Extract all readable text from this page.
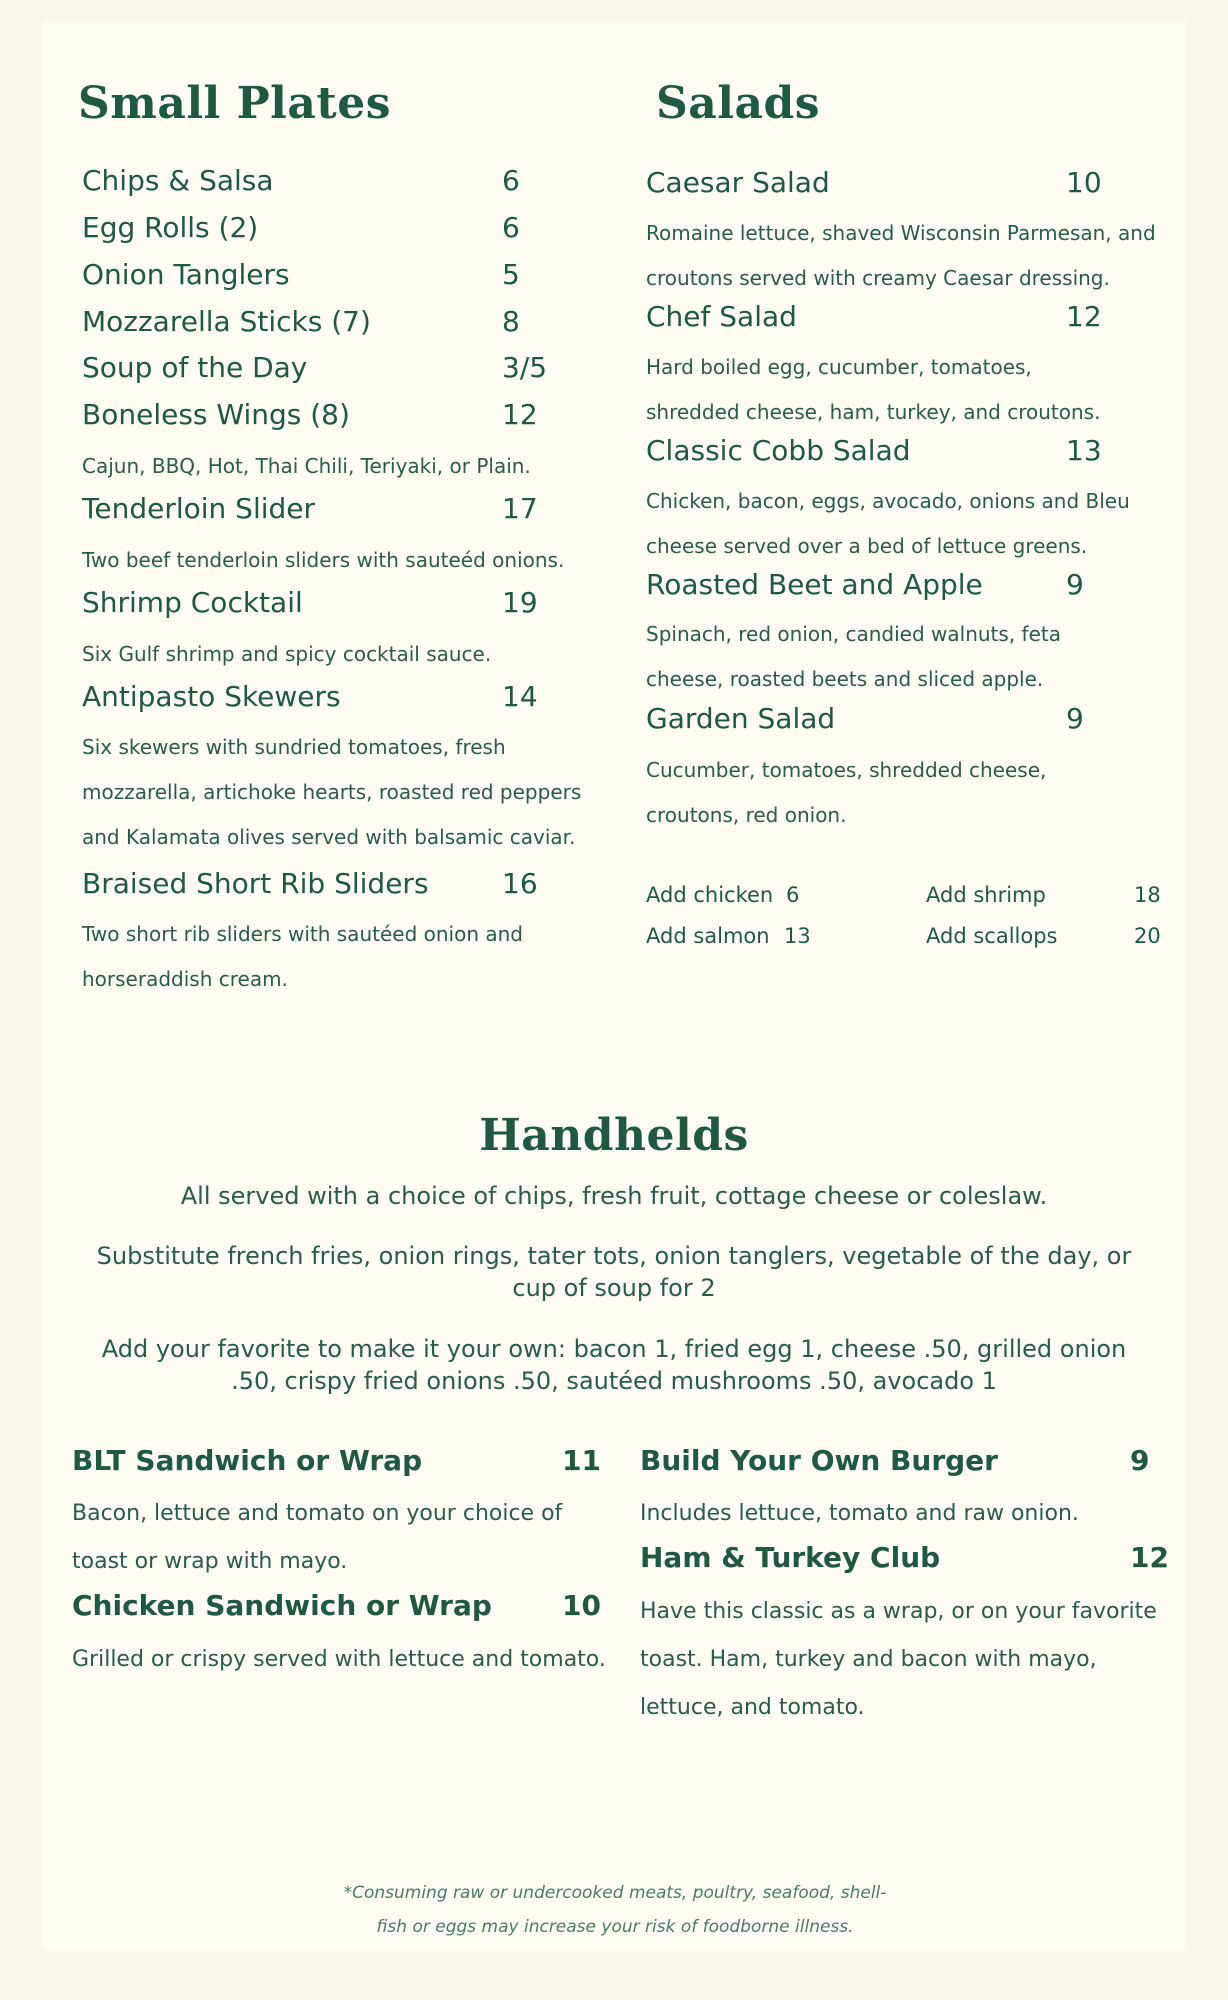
Small Plates
Chips & Salsa	6
Egg Rolls (2)	6
Onion Tanglers	5
Mozzarella Sticks (7)	8
Soup of the Day	3/5
Boneless Wings (8)	12
Cajun, BBQ, Hot, Thai Chili, Teriyaki, or Plain.
Tenderloin Slider	17
Two beef tenderloin sliders with sauteéd onions.
Shrimp Cocktail	19
Six Gulf shrimp and spicy cocktail sauce.
Antipasto Skewers	14
Six skewers with sundried tomatoes, fresh
mozzarella, artichoke hearts, roasted red peppers
and Kalamata olives served with balsamic caviar.
Braised Short Rib Sliders	16
Two short rib sliders with sautéed onion and
horseraddish cream.
Salads
Caesar Salad	10
Romaine lettuce, shaved Wisconsin Parmesan, and
croutons served with creamy Caesar dressing.
Chef Salad	12
Hard boiled egg, cucumber, tomatoes,
shredded cheese, ham, turkey, and croutons.
Classic Cobb Salad	13
Chicken, bacon, eggs, avocado, onions and Bleu
cheese served over a bed of lettuce greens.
Roasted Beet and Apple	9
Spinach, red onion, candied walnuts, feta
cheese, roasted beets and sliced apple.
Garden Salad	9
Cucumber, tomatoes, shredded cheese,
croutons, red onion.
Add chicken 6	Add shrimp	18
Add salmon 13	Add scallops	20
Handhelds
All served with a choice of chips, fresh fruit, cottage cheese or coleslaw.
Substitute french fries, onion rings, tater tots, onion tanglers, vegetable of the day, or cup of soup for 2
Add your favorite to make it your own: bacon 1, fried egg 1, cheese .50, grilled onion .50, crispy fried onions .50, sautéed mushrooms .50, avocado 1
BLT Sandwich or Wrap	11
Bacon, lettuce and tomato on your choice of
toast or wrap with mayo.
Chicken Sandwich or Wrap	10
Grilled or crispy served with lettuce and tomato.
Build Your Own Burger	9
Includes lettuce, tomato and raw onion.
Ham & Turkey Club	12
Have this classic as a wrap, or on your favorite
toast. Ham, turkey and bacon with mayo,
lettuce, and tomato.
*Consuming raw or undercooked meats, poultry, seafood, shell-
fish or eggs may increase your risk of foodborne illness.
